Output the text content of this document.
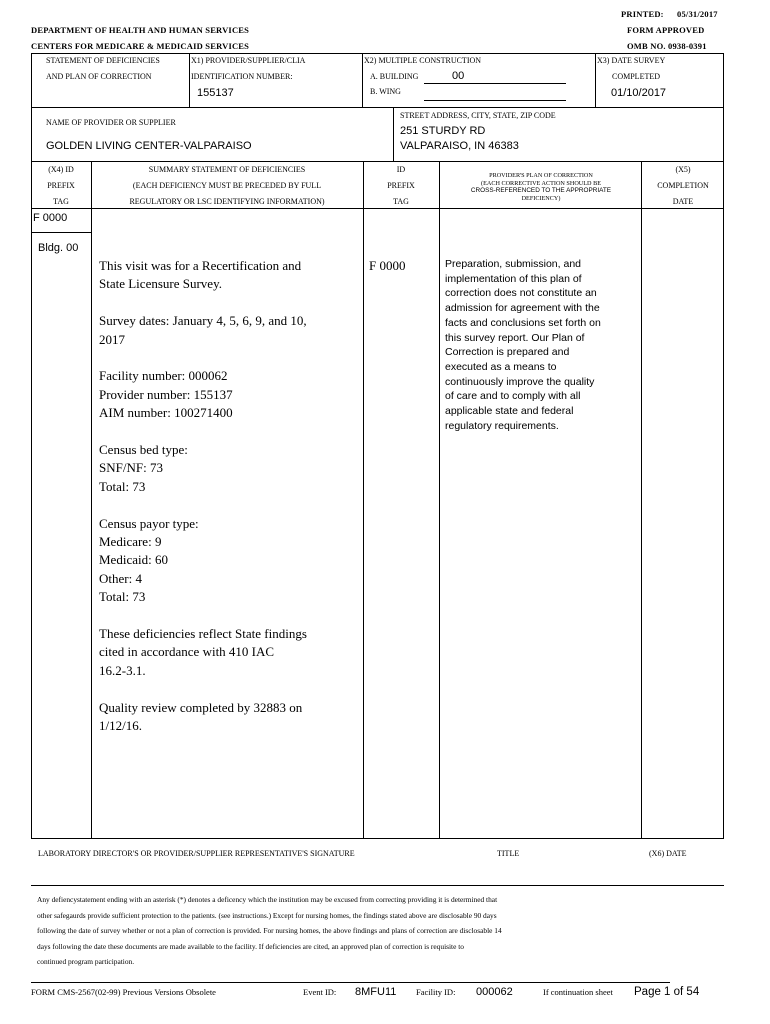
PRINTED: 05/31/2017
FORM APPROVED
OMB NO. 0938-0391
DEPARTMENT OF HEALTH AND HUMAN SERVICES
CENTERS FOR MEDICARE & MEDICAID SERVICES
STATEMENT OF DEFICIENCIES
AND PLAN OF CORRECTION
X1) PROVIDER/SUPPLIER/CLIA
IDENTIFICATION NUMBER:
155137
X2) MULTIPLE CONSTRUCTION
A. BUILDING	00
B. WING
X3) DATE SURVEY
COMPLETED
01/10/2017
NAME OF PROVIDER OR SUPPLIER
GOLDEN LIVING CENTER-VALPARAISO
STREET ADDRESS, CITY, STATE, ZIP CODE
251 STURDY RD
VALPARAISO, IN 46383
(X4) ID
PREFIX
TAG
SUMMARY STATEMENT OF DEFICIENCIES
(EACH DEFICIENCY MUST BE PRECEDED BY FULL
REGULATORY OR LSC IDENTIFYING INFORMATION)
ID
PREFIX
TAG
PROVIDER'S PLAN OF CORRECTION
(EACH CORRECTIVE ACTION SHOULD BE
CROSS-REFERENCED TO THE APPROPRIATE
DEFICIENCY)
(X5)
COMPLETION
DATE
F 0000
Bldg. 00
F 0000

This visit was for a Recertification and
State Licensure Survey.

Survey dates: January 4, 5, 6, 9, and 10,
2017

Facility number: 000062
Provider number: 155137
AIM number: 100271400

Census bed type:
SNF/NF: 73
Total: 73

Census payor type:
Medicare: 9
Medicaid: 60
Other: 4
Total: 73

These deficiencies reflect State findings
cited in accordance with 410 IAC
16.2-3.1.

Quality review completed by 32883 on
1/12/16.

Preparation, submission, and
implementation of this plan of
correction does not constitute an
admission for agreement with the
facts and conclusions set forth on
this survey report. Our Plan of
Correction is prepared and
executed as a means to
continuously improve the quality
of care and to comply with all
applicable state and federal
regulatory requirements.
LABORATORY DIRECTOR'S OR PROVIDER/SUPPLIER REPRESENTATIVE'S SIGNATURE	TITLE	(X6) DATE
Any defiencystatement ending with an asterisk (*) denotes a deficency which the institution may be excused from correcting providing it is determined that
other safegaurds provide sufficient protection to the patients. (see instructions.) Except for nursing homes, the findings stated above are disclosable 90 days
following the date of survey whether or not a plan of correction is provided. For nursing homes, the above findings and plans of correction are disclosable 14
days following the date these documents are made available to the facility. If deficiencies are cited, an approved plan of correction is requisite to
continued program participation.
FORM CMS-2567(02-99) Previous Versions Obsolete	Event ID: 8MFU11 Facility ID: 000062	If continuation sheet Page 1 of 54
